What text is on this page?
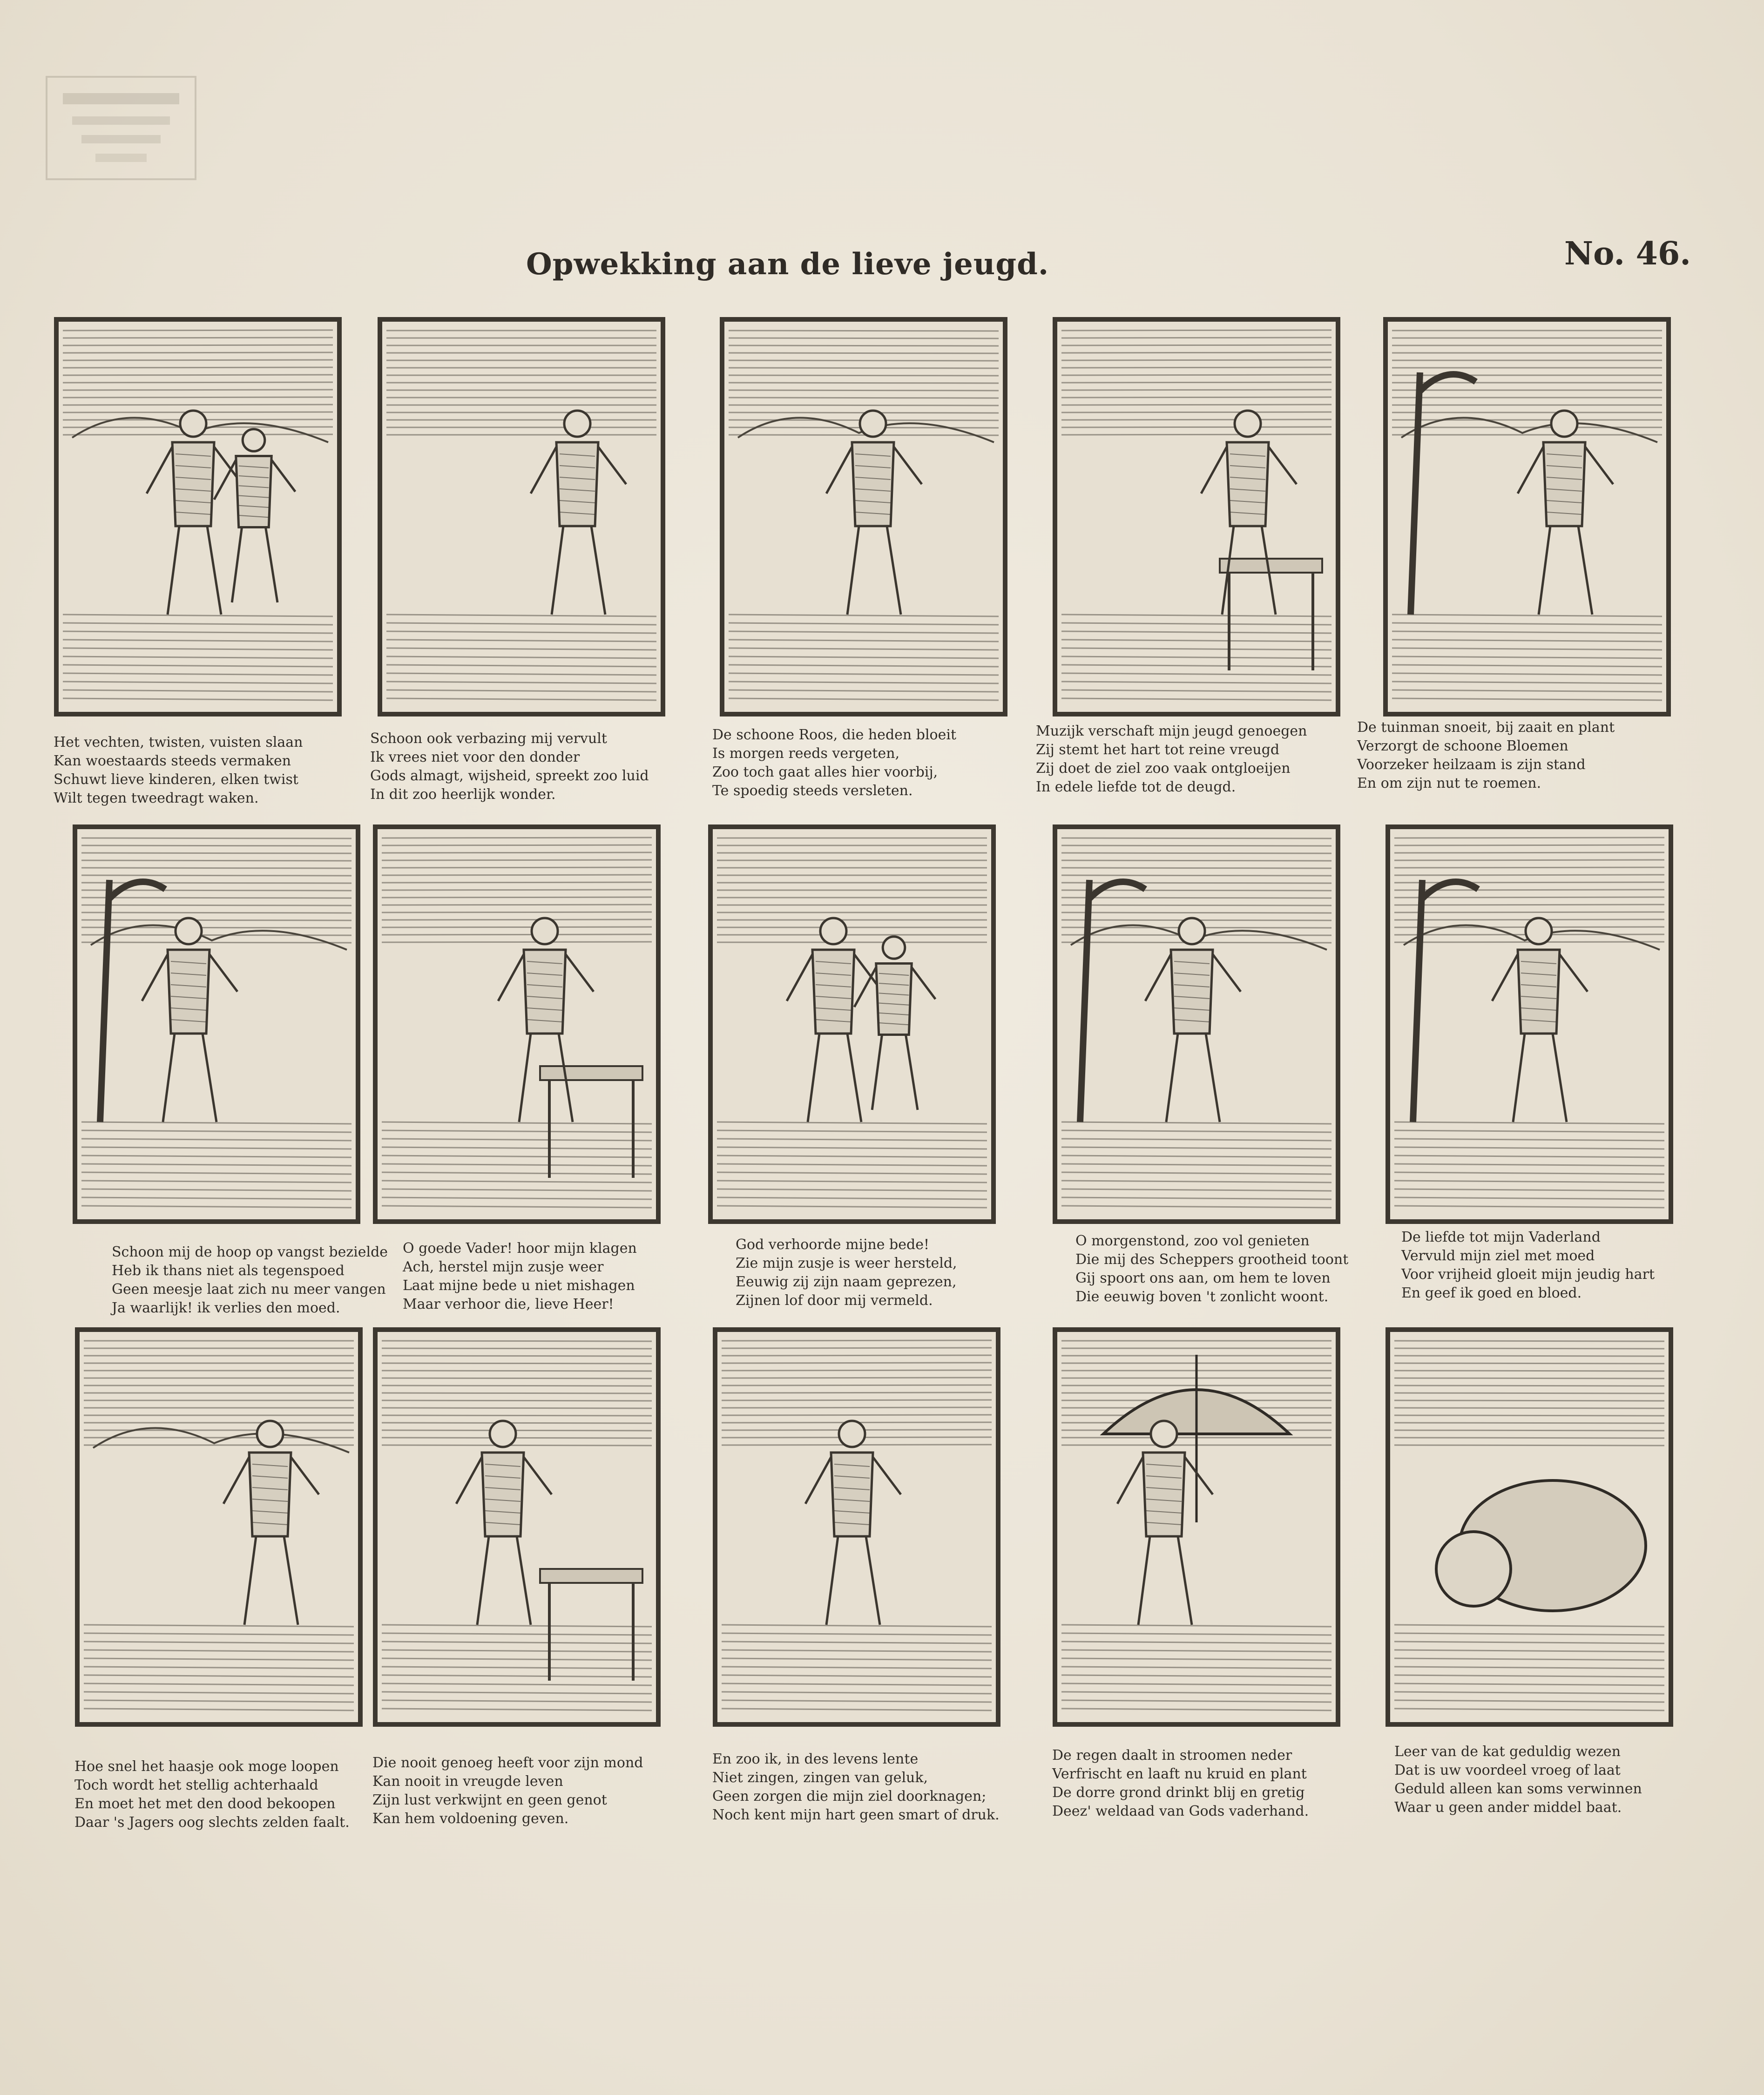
Opwekking aan de lieve jeugd.	No. 46.
Het vechten, twisten, vuisten slaan
Kan woestaards steeds vermaken
Schuwt lieve kinderen, elken twist
Wilt tegen tweedragt waken.
Schoon ook verbazing mij vervult
Ik vrees niet voor den donder
Gods almagt, wijsheid, spreekt zoo luid
In dit zoo heerlijk wonder.
De schoone Roos, die heden bloeit
Is morgen reeds vergeten,
Zoo toch gaat alles hier voorbij,
Te spoedig steeds versleten.
Muzijk verschaft mijn jeugd genoegen
Zij stemt het hart tot reine vreugd
Zij doet de ziel zoo vaak ontgloeijen
In edele liefde tot de deugd.
De tuinman snoeit, bij zaait en plant
Verzorgt de schoone Bloemen
Voorzeker heilzaam is zijn stand
En om zijn nut te roemen.
Schoon mij de hoop op vangst bezielde
Heb ik thans niet als tegenspoed
Geen meesje laat zich nu meer vangen
Ja waarlijk! ik verlies den moed.
O goede Vader! hoor mijn klagen
Ach, herstel mijn zusje weer
Laat mijne bede u niet mishagen
Maar verhoor die, lieve Heer!
God verhoorde mijne bede!
Zie mijn zusje is weer hersteld,
Eeuwig zij zijn naam geprezen,
Zijnen lof door mij vermeld.
O morgenstond, zoo vol genieten
Die mij des Scheppers grootheid toont
Gij spoort ons aan, om hem te loven
Die eeuwig boven 't zonlicht woont.
De liefde tot mijn Vaderland
Vervuld mijn ziel met moed
Voor vrijheid gloeit mijn jeudig hart
En geef ik goed en bloed.
Hoe snel het haasje ook moge loopen
Toch wordt het stellig achterhaald
En moet het met den dood bekoopen
Daar 's Jagers oog slechts zelden faalt.
Die nooit genoeg heeft voor zijn mond
Kan nooit in vreugde leven
Zijn lust verkwijnt en geen genot
Kan hem voldoening geven.
En zoo ik, in des levens lente
Niet zingen, zingen van geluk,
Geen zorgen die mijn ziel doorknagen;
Noch kent mijn hart geen smart of druk.
De regen daalt in stroomen neder
Verfrischt en laaft nu kruid en plant
De dorre grond drinkt blij en gretig
Deez' weldaad van Gods vaderhand.
Leer van de kat geduldig wezen
Dat is uw voordeel vroeg of laat
Geduld alleen kan soms verwinnen
Waar u geen ander middel baat.
